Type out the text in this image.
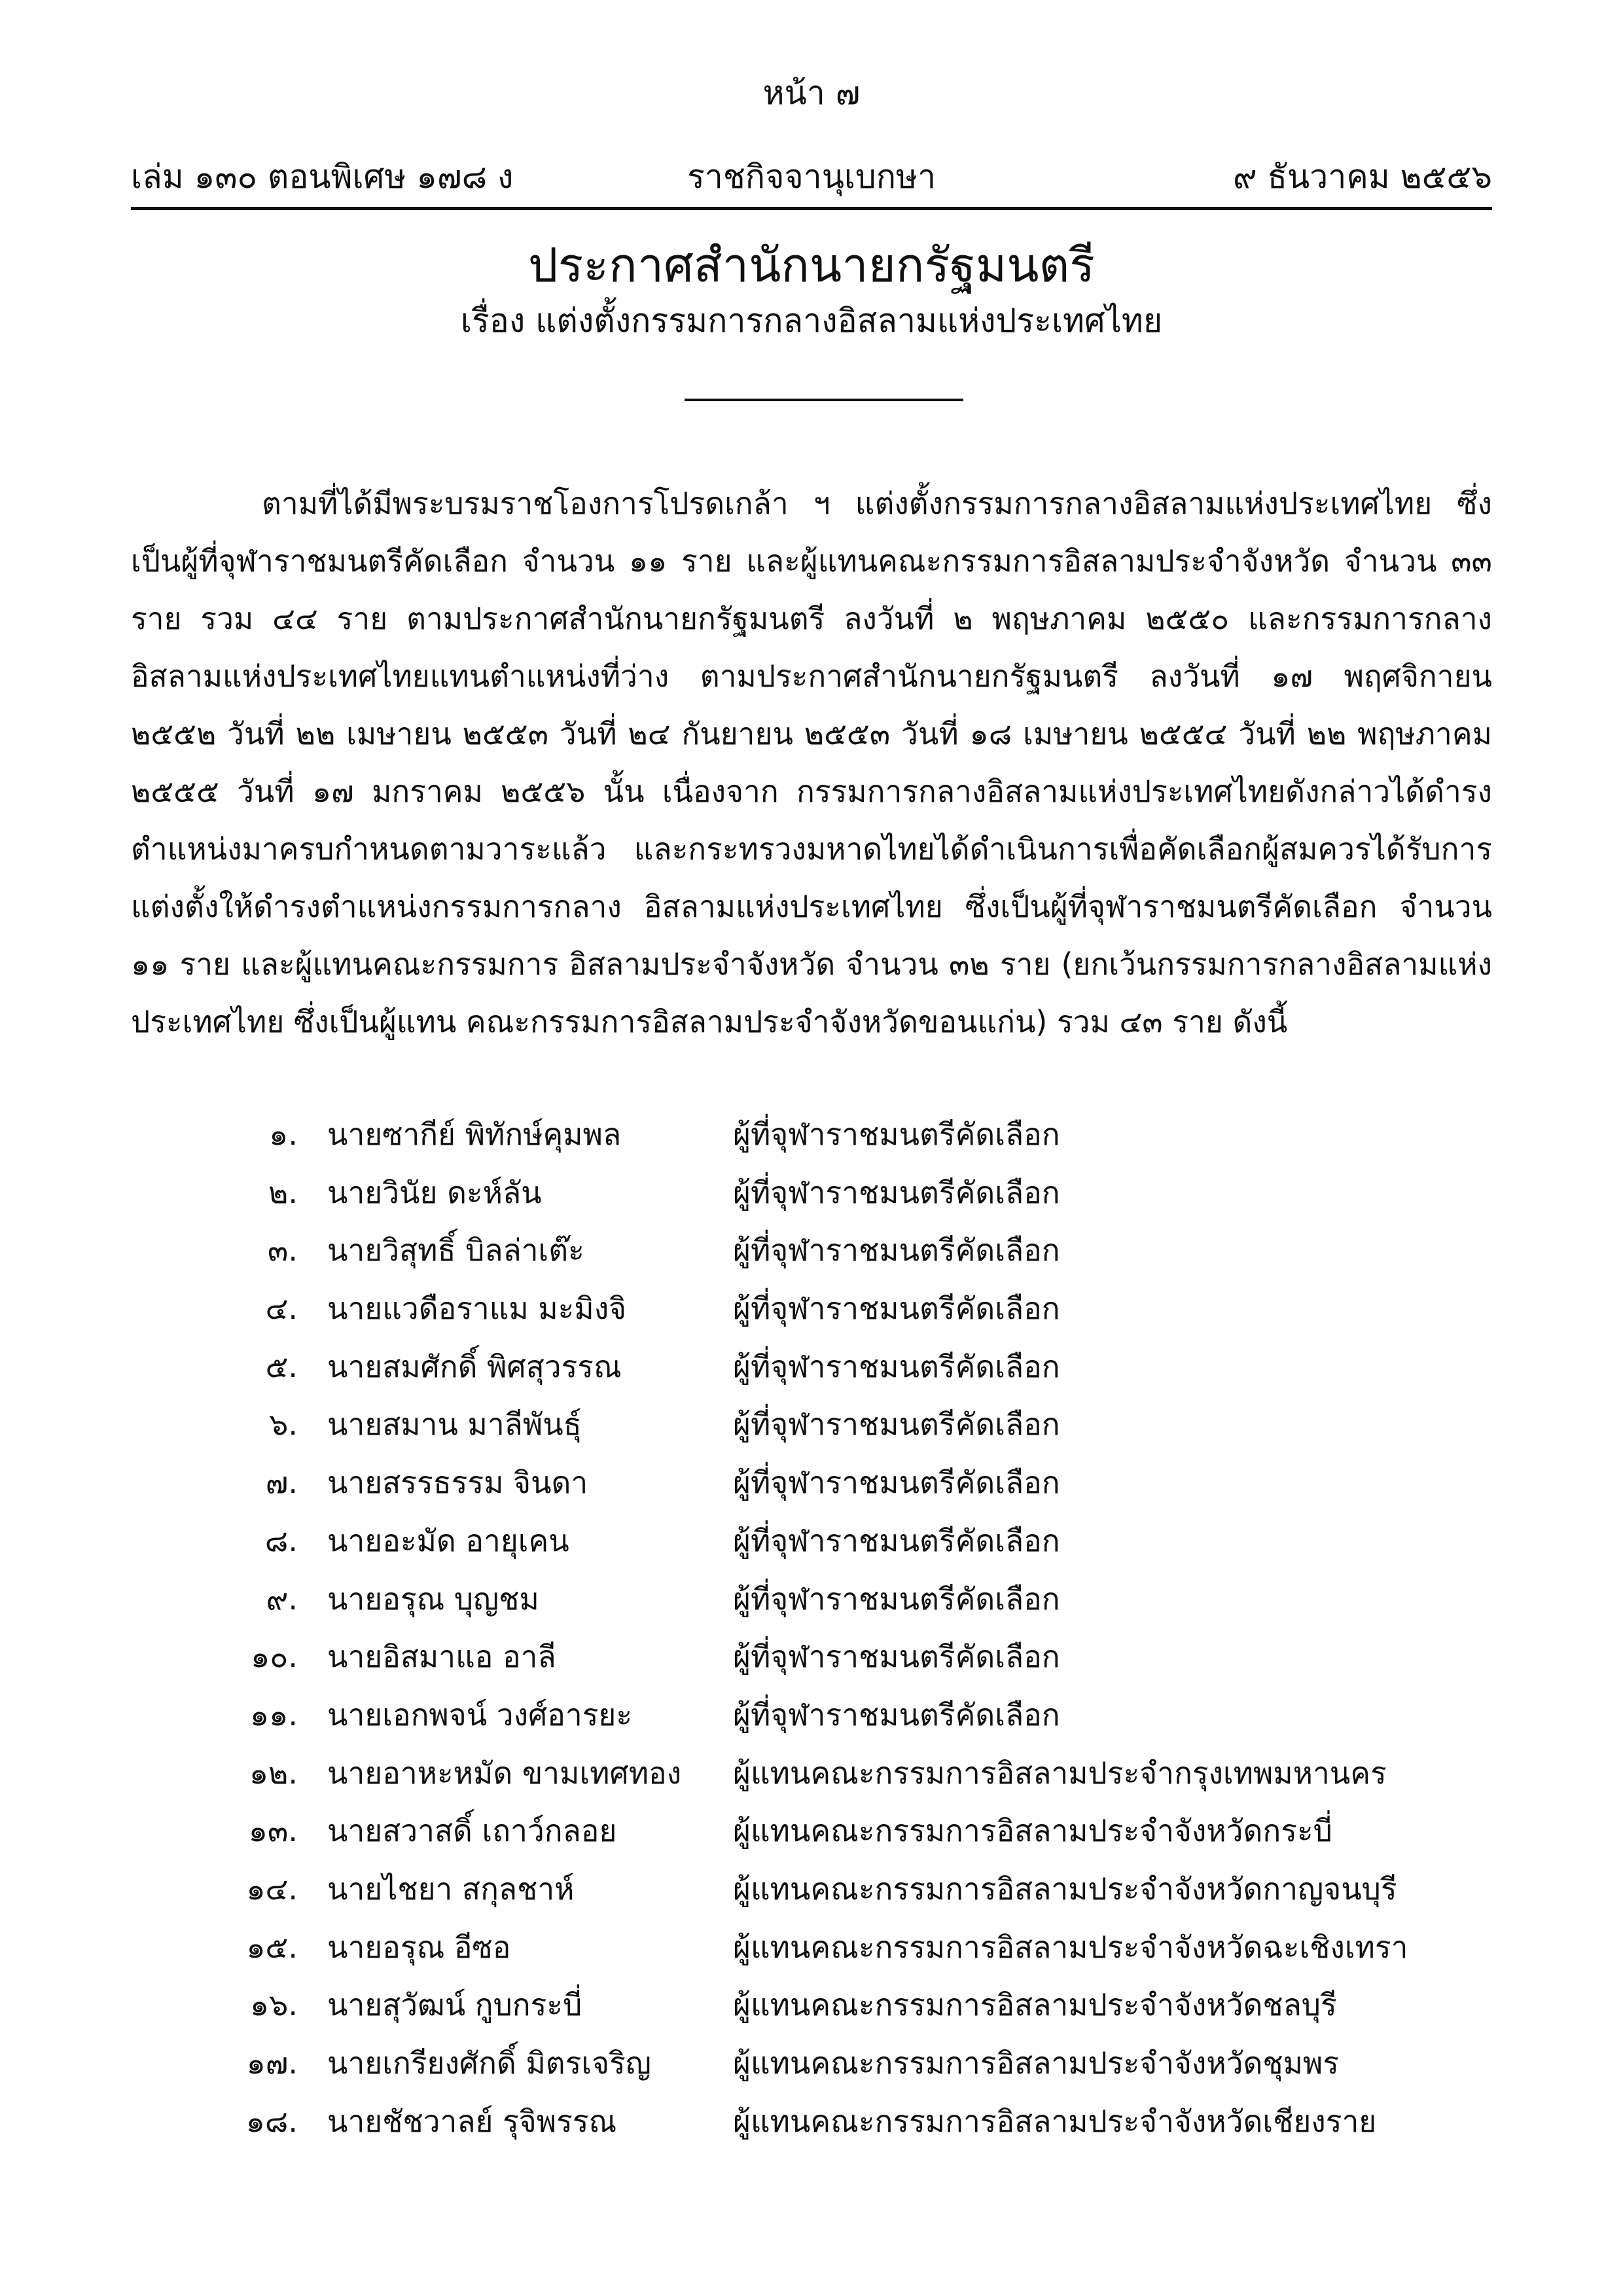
หน้า ๗
เล่ม ๑๓๐ ตอนพิเศษ ๑๗๘ ง	ราชกิจจานุเบกษา	๙ ธันวาคม ๒๕๕๖
ประกาศสำนักนายกรัฐมนตรี
เรื่อง แต่งตั้งกรรมการกลางอิสลามแห่งประเทศไทย

ตามที่ได้มีพระบรมราชโองการโปรดเกล้า ฯ แต่งตั้งกรรมการกลางอิสลามแห่งประเทศไทย ซึ่งเป็นผู้ที่จุฬาราชมนตรีคัดเลือก จำนวน ๑๑ ราย และผู้แทนคณะกรรมการอิสลามประจำจังหวัด จำนวน ๓๓ ราย รวม ๔๔ ราย ตามประกาศสำนักนายกรัฐมนตรี ลงวันที่ ๒ พฤษภาคม ๒๕๕๐ และกรรมการกลางอิสลามแห่งประเทศไทยแทนตำแหน่งที่ว่าง ตามประกาศสำนักนายกรัฐมนตรี ลงวันที่ ๑๗ พฤศจิกายน ๒๕๕๒ วันที่ ๒๒ เมษายน ๒๕๕๓ วันที่ ๒๔ กันยายน ๒๕๕๓ วันที่ ๑๘ เมษายน ๒๕๕๔ วันที่ ๒๒ พฤษภาคม ๒๕๕๕ วันที่ ๑๗ มกราคม ๒๕๕๖ นั้น เนื่องจาก กรรมการกลางอิสลามแห่งประเทศไทยดังกล่าวได้ดำรงตำแหน่งมาครบกำหนดตามวาระแล้ว และกระทรวงมหาดไทยได้ดำเนินการเพื่อคัดเลือกผู้สมควรได้รับการแต่งตั้งให้ดำรงตำแหน่งกรรมการกลาง อิสลามแห่งประเทศไทย ซึ่งเป็นผู้ที่จุฬาราชมนตรีคัดเลือก จำนวน ๑๑ ราย และผู้แทนคณะกรรมการ อิสลามประจำจังหวัด จำนวน ๓๒ ราย (ยกเว้นกรรมการกลางอิสลามแห่งประเทศไทย ซึ่งเป็นผู้แทน คณะกรรมการอิสลามประจำจังหวัดขอนแก่น) รวม ๔๓ ราย ดังนี้

๑. นายซากีย์ พิทักษ์คุมพล	ผู้ที่จุฬาราชมนตรีคัดเลือก
๒. นายวินัย ดะห์ลัน	ผู้ที่จุฬาราชมนตรีคัดเลือก
๓. นายวิสุทธิ์ บิลล่าเต๊ะ	ผู้ที่จุฬาราชมนตรีคัดเลือก
๔. นายแวดือราแม มะมิงจิ	ผู้ที่จุฬาราชมนตรีคัดเลือก
๕. นายสมศักดิ์ พิศสุวรรณ	ผู้ที่จุฬาราชมนตรีคัดเลือก
๖. นายสมาน มาลีพันธุ์	ผู้ที่จุฬาราชมนตรีคัดเลือก
๗. นายสรรธรรม จินดา	ผู้ที่จุฬาราชมนตรีคัดเลือก
๘. นายอะมัด อายุเคน	ผู้ที่จุฬาราชมนตรีคัดเลือก
๙. นายอรุณ บุญชม	ผู้ที่จุฬาราชมนตรีคัดเลือก
๑๐. นายอิสมาแอ อาลี	ผู้ที่จุฬาราชมนตรีคัดเลือก
๑๑. นายเอกพจน์ วงศ์อารยะ	ผู้ที่จุฬาราชมนตรีคัดเลือก
๑๒. นายอาหะหมัด ขามเทศทอง ผู้แทนคณะกรรมการอิสลามประจำกรุงเทพมหานคร
๑๓. นายสวาสดิ์ เถาว์กลอย	ผู้แทนคณะกรรมการอิสลามประจำจังหวัดกระบี่
๑๔. นายไชยา สกุลชาห์	ผู้แทนคณะกรรมการอิสลามประจำจังหวัดกาญจนบุรี
๑๕. นายอรุณ อีซอ	ผู้แทนคณะกรรมการอิสลามประจำจังหวัดฉะเชิงเทรา
๑๖. นายสุวัฒน์ กูบกระบี่	ผู้แทนคณะกรรมการอิสลามประจำจังหวัดชลบุรี
๑๗. นายเกรียงศักดิ์ มิตรเจริญ	ผู้แทนคณะกรรมการอิสลามประจำจังหวัดชุมพร
๑๘. นายชัชวาลย์ รุจิพรรณ	ผู้แทนคณะกรรมการอิสลามประจำจังหวัดเชียงราย
